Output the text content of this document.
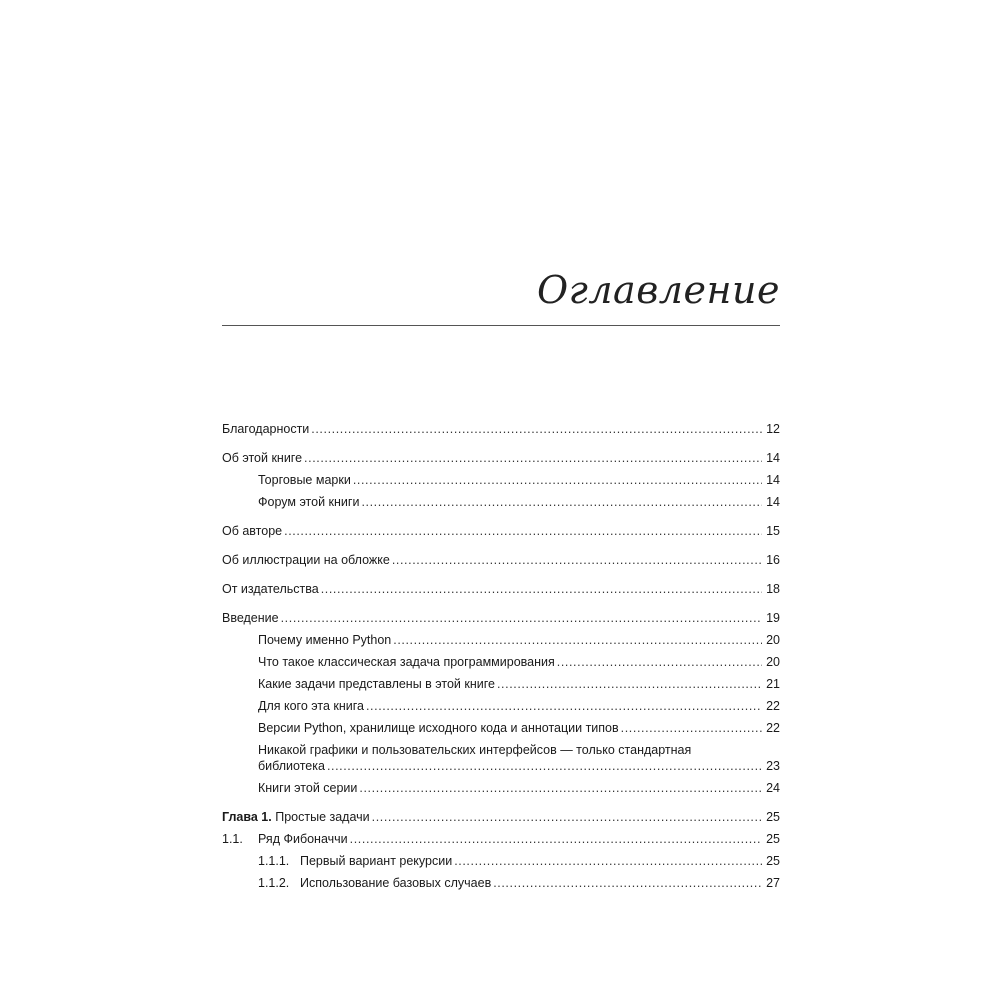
Оглавление
Благодарности .....	12
Об этой книге .....	14
Торговые марки .....	14
Форум этой книги .....	14
Об авторе .....	15
Об иллюстрации на обложке .....	16
От издательства .....	18
Введение .....	19
Почему именно Python .....	20
Что такое классическая задача программирования .....	20
Какие задачи представлены в этой книге .....	21
Для кого эта книга .....	22
Версии Python, хранилище исходного кода и аннотации типов .....	22
Никакой графики и пользовательских интерфейсов — только стандартная
библиотека .....	23
Книги этой серии .....	24
Глава 1. Простые задачи .....	25
1.1.	Ряд Фибоначчи .....	25
1.1.1. Первый вариант рекурсии .....	25
1.1.2. Использование базовых случаев .....	27
